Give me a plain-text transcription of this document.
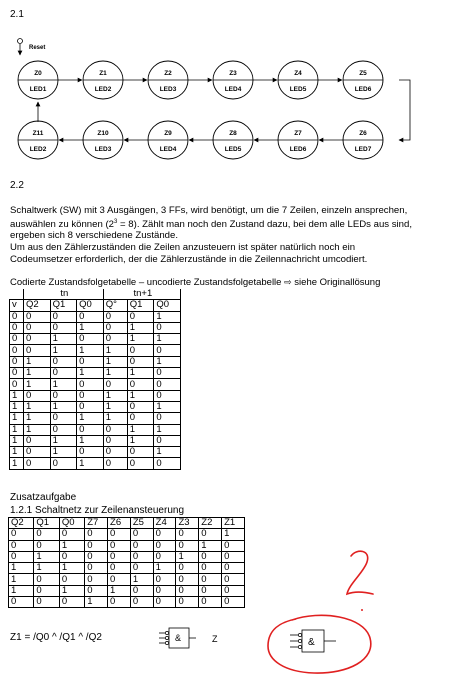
2.1
Reset
Z0
LED1
Z1
LED2
Z2
LED3
Z3
LED4
Z4
LED5
Z5
LED6
Z11
LED2
Z10
LED3
Z9
LED4
Z8
LED5
Z7
LED6
Z6
LED7
2.2
Schaltwerk (SW) mit 3 Ausgängen, 3 FFs, wird benötigt, um die 7 Zeilen, einzeln ansprechen,
auswählen zu können $(2^3 = 8)$. Zählt man noch den Zustand dazu, bei dem alle LEDs aus sind,
ergeben sich 8 verschiedene Zustände.
Um aus den Zählerzuständen die Zeilen anzusteuern ist später natürlich noch ein
Codeumsetzer erforderlich, der die Zählerzustände in die Zeilennachricht umcodiert.
Codierte Zustandsfolgetabelle – uncodierte Zustandsfolgetabelle ⇨ siehe Originallösung
	tn			tn+1		
v	Q2	Q1	Q0	Q°	Q1	Q0
0	0	0	0	0	0	1
0	0	0	1	0	1	0
0	0	1	0	0	1	1
0	0	1	1	1	0	0
0	1	0	0	1	0	1
0	1	0	1	1	1	0
0	1	1	0	0	0	0
1	0	0	0	1	1	0
1	1	1	0	1	0	1
1	1	0	1	1	0	0
1	1	0	0	0	1	1
1	0	1	1	0	1	0
1	0	1	0	0	0	1
1	0	0	1	0	0	0
Zusatzaufgabe
1.2.1 Schaltnetz zur Zeilenansteuerung
Q2	Q1	Q0	Z7	Z6	Z5	Z4	Z3	Z2	Z1
0	0	0	0	0	0	0	0	0	1
0	0	1	0	0	0	0	0	1	0
0	1	0	0	0	0	0	1	0	0
1	1	1	0	0	0	1	0	0	0
1	0	0	0	0	1	0	0	0	0
1	0	1	0	1	0	0	0	0	0
0	0	0	1	0	0	0	0	0	0
Z1 = /Q0 ^ /Q1 ^ /Q2	&	Z	&
